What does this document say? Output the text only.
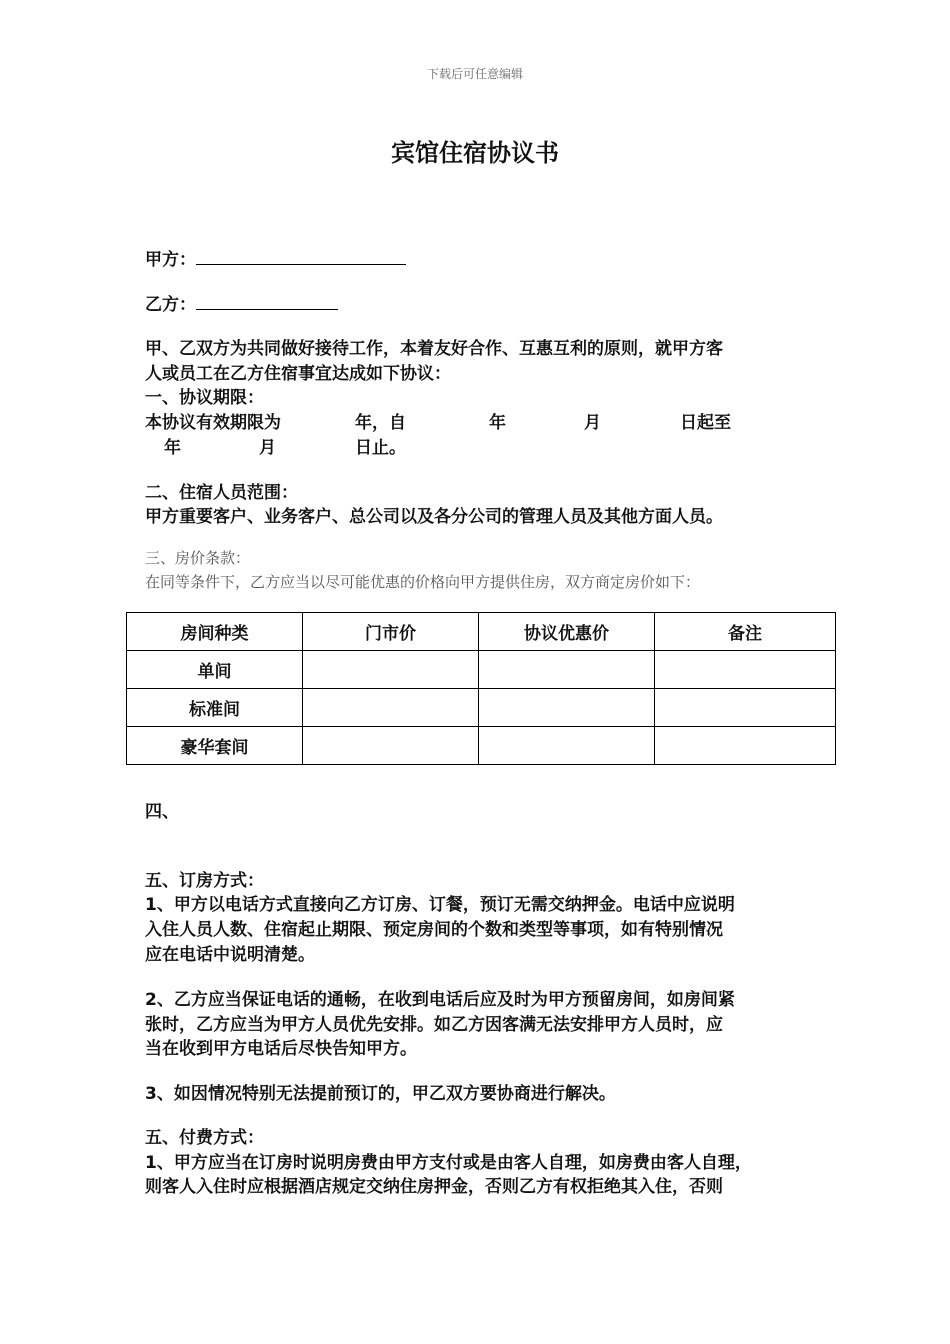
下载后可任意编辑
宾馆住宿协议书
甲方：
乙方：
甲、乙双方为共同做好接待工作，本着友好合作、互惠互利的原则，就甲方客
人或员工在乙方住宿事宜达成如下协议：
一、协议期限：
本协议有效期限为	年，自	年	月	日起至
年	月	日止。
二、住宿人员范围：
甲方重要客户、业务客户、总公司以及各分公司的管理人员及其他方面人员。
三、房价条款：
在同等条件下，乙方应当以尽可能优惠的价格向甲方提供住房，双方商定房价如下：
房间种类	门市价	协议优惠价	备注
单间			
标准间			
豪华套间			
四、
五、订房方式：
1、甲方以电话方式直接向乙方订房、订餐，预订无需交纳押金。电话中应说明
入住人员人数、住宿起止期限、预定房间的个数和类型等事项，如有特别情况
应在电话中说明清楚。
2、乙方应当保证电话的通畅，在收到电话后应及时为甲方预留房间，如房间紧
张时，乙方应当为甲方人员优先安排。如乙方因客满无法安排甲方人员时，应
当在收到甲方电话后尽快告知甲方。
3、如因情况特别无法提前预订的，甲乙双方要协商进行解决。
五、付费方式：
1、甲方应当在订房时说明房费由甲方支付或是由客人自理，如房费由客人自理，
则客人入住时应根据酒店规定交纳住房押金，否则乙方有权拒绝其入住，否则
